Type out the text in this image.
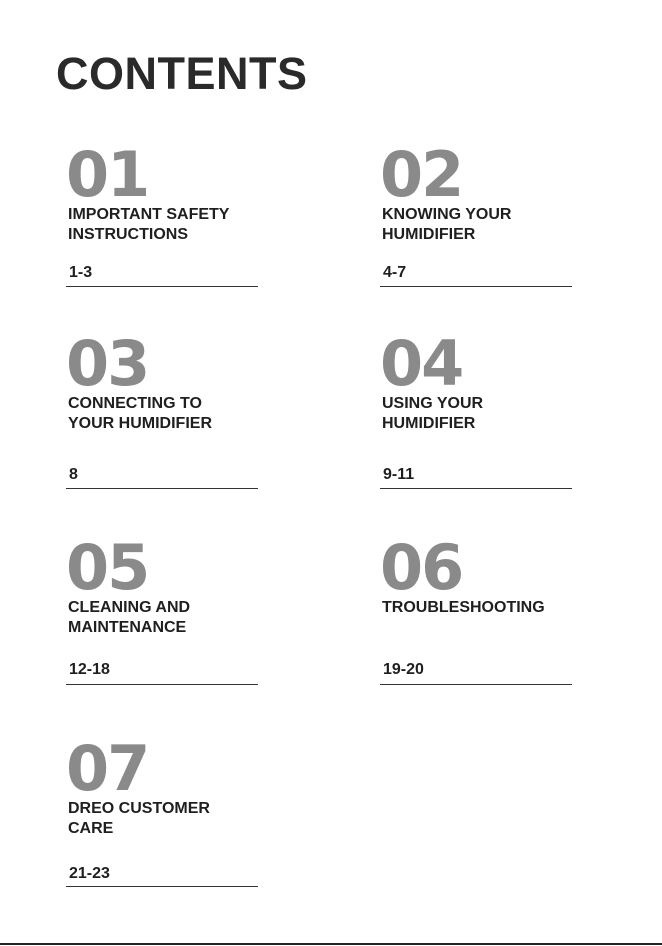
CONTENTS
01
IMPORTANT SAFETY
INSTRUCTIONS
1-3
02
KNOWING YOUR
HUMIDIFIER
4-7
03
CONNECTING TO
YOUR HUMIDIFIER
8
04
USING YOUR
HUMIDIFIER
9-11
05
CLEANING AND
MAINTENANCE
12-18
06
TROUBLESHOOTING
19-20
07
DREO CUSTOMER
CARE
21-23
